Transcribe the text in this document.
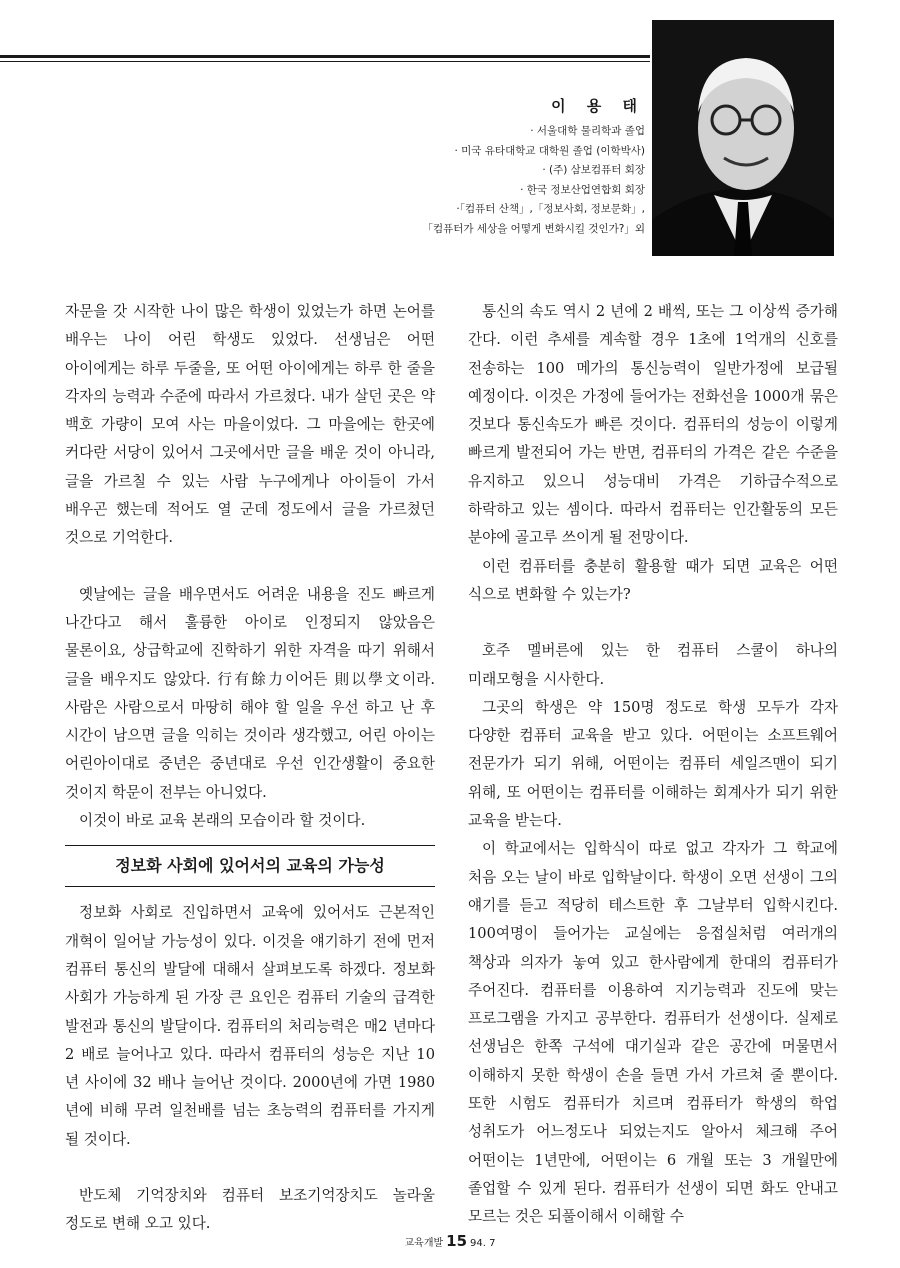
이 용 태
· 서울대학 물리학과 졸업
· 미국 유타대학교 대학원 졸업 (이학박사)
· (주) 삼보컴퓨터 회장
· 한국 정보산업연합회 회장
·「컴퓨터 산책」,「정보사회, 정보문화」,
「컴퓨터가 세상을 어떻게 변화시킬 것인가?」외

자문을 갓 시작한 나이 많은 학생이 있었는가 하면 논어를 배우는 나이 어린 학생도 있었다. 선생님은 어떤 아이에게는 하루 두줄을, 또 어떤 아이에게는 하루 한 줄을 각자의 능력과 수준에 따라서 가르쳤다. 내가 살던 곳은 약 백호 가량이 모여 사는 마을이었다. 그 마을에는 한곳에 커다란 서당이 있어서 그곳에서만 글을 배운 것이 아니라, 글을 가르칠 수 있는 사람 누구에게나 아이들이 가서 배우곤 했는데 적어도 열 군데 정도에서 글을 가르쳤던 것으로 기억한다.

옛날에는 글을 배우면서도 어려운 내용을 진도 빠르게 나간다고 해서 훌륭한 아이로 인정되지 않았음은 물론이요, 상급학교에 진학하기 위한 자격을 따기 위해서 글을 배우지도 않았다. 行有餘力이어든 則以學文이라. 사람은 사람으로서 마땅히 해야 할 일을 우선 하고 난 후 시간이 남으면 글을 익히는 것이라 생각했고, 어린 아이는 어린아이대로 중년은 중년대로 우선 인간생활이 중요한 것이지 학문이 전부는 아니었다.

이것이 바로 교육 본래의 모습이라 할 것이다.

정보화 사회에 있어서의 교육의 가능성

정보화 사회로 진입하면서 교육에 있어서도 근본적인 개혁이 일어날 가능성이 있다. 이것을 얘기하기 전에 먼저 컴퓨터 통신의 발달에 대해서 살펴보도록 하겠다. 정보화 사회가 가능하게 된 가장 큰 요인은 컴퓨터 기술의 급격한 발전과 통신의 발달이다. 컴퓨터의 처리능력은 매2 년마다 2 배로 늘어나고 있다. 따라서 컴퓨터의 성능은 지난 10 년 사이에 32 배나 늘어난 것이다. 2000년에 가면 1980 년에 비해 무려 일천배를 넘는 초능력의 컴퓨터를 가지게 될 것이다.

반도체 기억장치와 컴퓨터 보조기억장치도 놀라울 정도로 변해 오고 있다.

통신의 속도 역시 2 년에 2 배씩, 또는 그 이상씩 증가해 간다. 이런 추세를 계속할 경우 1초에 1억개의 신호를 전송하는 100 메가의 통신능력이 일반가정에 보급될 예정이다. 이것은 가정에 들어가는 전화선을 1000개 묶은 것보다 통신속도가 빠른 것이다. 컴퓨터의 성능이 이렇게 빠르게 발전되어 가는 반면, 컴퓨터의 가격은 같은 수준을 유지하고 있으니 성능대비 가격은 기하급수적으로 하락하고 있는 셈이다. 따라서 컴퓨터는 인간활동의 모든 분야에 골고루 쓰이게 될 전망이다.

이런 컴퓨터를 충분히 활용할 때가 되면 교육은 어떤 식으로 변화할 수 있는가?

호주 멜버른에 있는 한 컴퓨터 스쿨이 하나의 미래모형을 시사한다.

그곳의 학생은 약 150명 정도로 학생 모두가 각자 다양한 컴퓨터 교육을 받고 있다. 어떤이는 소프트웨어 전문가가 되기 위해, 어떤이는 컴퓨터 세일즈맨이 되기 위해, 또 어떤이는 컴퓨터를 이해하는 회계사가 되기 위한 교육을 받는다.

이 학교에서는 입학식이 따로 없고 각자가 그 학교에 처음 오는 날이 바로 입학날이다. 학생이 오면 선생이 그의 얘기를 듣고 적당히 테스트한 후 그날부터 입학시킨다. 100여명이 들어가는 교실에는 응접실처럼 여러개의 책상과 의자가 놓여 있고 한사람에게 한대의 컴퓨터가 주어진다. 컴퓨터를 이용하여 지기능력과 진도에 맞는 프로그램을 가지고 공부한다. 컴퓨터가 선생이다. 실제로 선생님은 한쪽 구석에 대기실과 같은 공간에 머물면서 이해하지 못한 학생이 손을 들면 가서 가르쳐 줄 뿐이다. 또한 시험도 컴퓨터가 치르며 컴퓨터가 학생의 학업 성취도가 어느정도나 되었는지도 알아서 체크해 주어 어떤이는 1년만에, 어떤이는 6 개월 또는 3 개월만에 졸업할 수 있게 된다. 컴퓨터가 선생이 되면 화도 안내고 모르는 것은 되풀이해서 이해할 수

교육개발 15 94. 7
